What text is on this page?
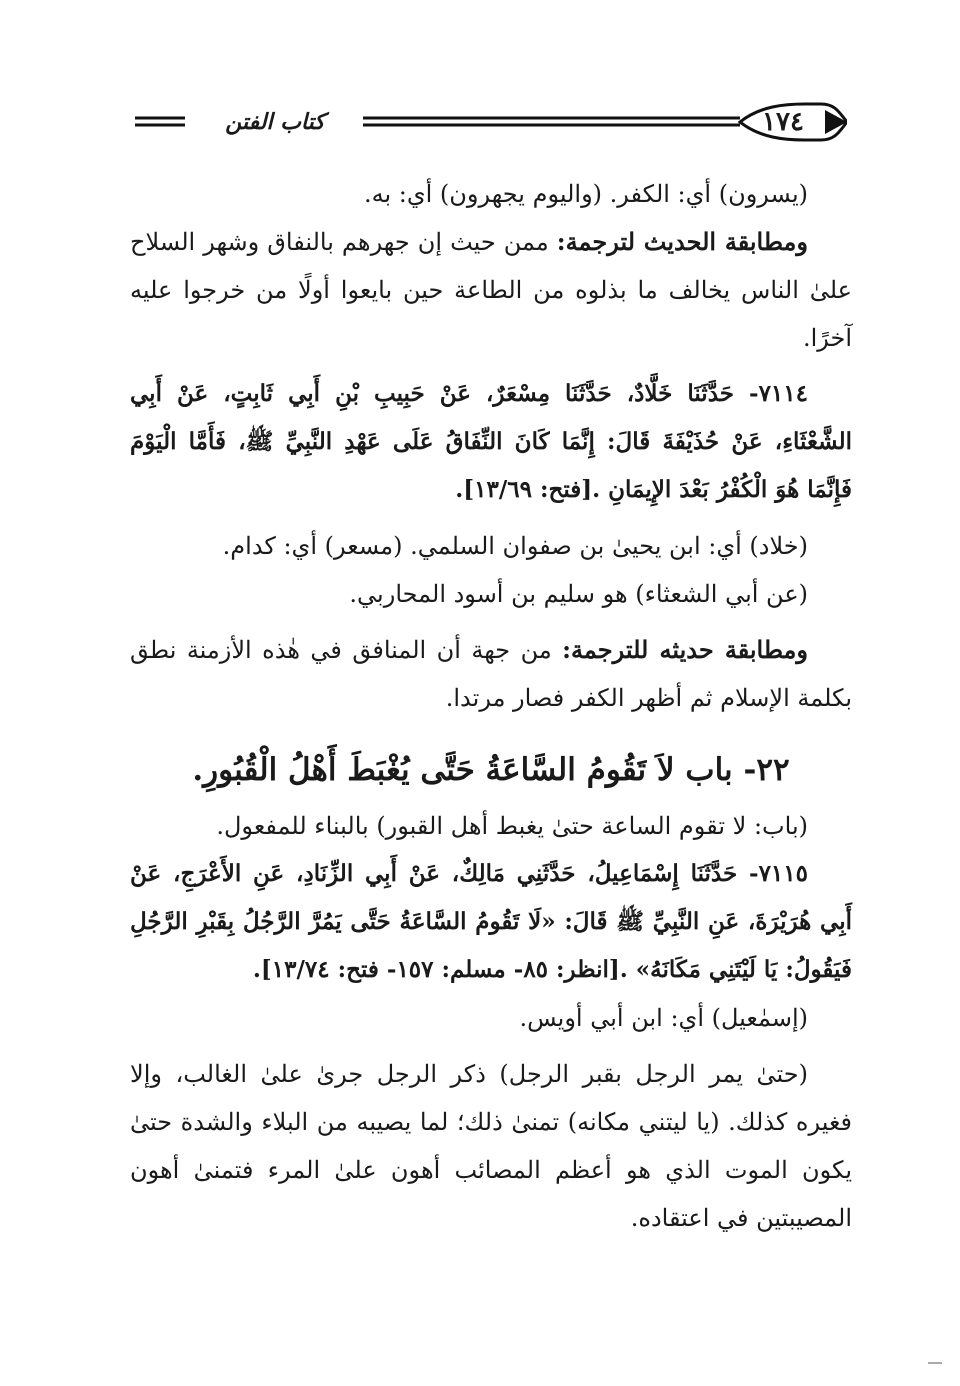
١٧٤
كتاب الفتن

(يسرون) أي: الكفر. (واليوم يجهرون) أي: به.

ومطابقة الحديث لترجمة: ممن حيث إن جهرهم بالنفاق وشهر السلاح علىٰ الناس يخالف ما بذلوه من الطاعة حين بايعوا أولًا من خرجوا عليه آخرًا.

٧١١٤- حَدَّثَنَا خَلَّادٌ، حَدَّثَنَا مِسْعَرٌ، عَنْ حَبِيبِ بْنِ أَبِي ثَابِتٍ، عَنْ أَبِي الشَّعْثَاءِ، عَنْ حُذَيْفَةَ قَالَ: إِنَّمَا كَانَ النِّفَاقُ عَلَى عَهْدِ النَّبِيِّ ﷺ، فَأَمَّا الْيَوْمَ فَإِنَّمَا هُوَ الْكُفْرُ بَعْدَ الإِيمَانِ .[فتح: ١٣/٦٩].

(خلاد) أي: ابن يحيىٰ بن صفوان السلمي. (مسعر) أي: كدام.

(عن أبي الشعثاء) هو سليم بن أسود المحاربي.

ومطابقة حديثه للترجمة: من جهة أن المنافق في هٰذه الأزمنة نطق بكلمة الإسلام ثم أظهر الكفر فصار مرتدا.

٢٢- باب لاَ تَقُومُ السَّاعَةُ حَتَّى يُغْبَطَ أَهْلُ الْقُبُورِ.

(باب: لا تقوم الساعة حتىٰ يغبط أهل القبور) بالبناء للمفعول.

٧١١٥- حَدَّثَنَا إِسْمَاعِيلُ، حَدَّثَنِي مَالِكٌ، عَنْ أَبِي الزِّنَادِ، عَنِ الأَعْرَجِ، عَنْ أَبِي هُرَيْرَةَ، عَنِ النَّبِيِّ ﷺ قَالَ: «لَا تَقُومُ السَّاعَةُ حَتَّى يَمُرَّ الرَّجُلُ بِقَبْرِ الرَّجُلِ فَيَقُولُ: يَا لَيْتَنِي مَكَانَهُ» .[انظر: ٨٥- مسلم: ١٥٧- فتح: ١٣/٧٤].

(إسمٰعيل) أي: ابن أبي أويس.

(حتىٰ يمر الرجل بقبر الرجل) ذكر الرجل جرىٰ علىٰ الغالب، وإلا فغيره كذلك. (يا ليتني مكانه) تمنىٰ ذلك؛ لما يصيبه من البلاء والشدة حتىٰ يكون الموت الذي هو أعظم المصائب أهون علىٰ المرء فتمنىٰ أهون المصيبتين في اعتقاده.
